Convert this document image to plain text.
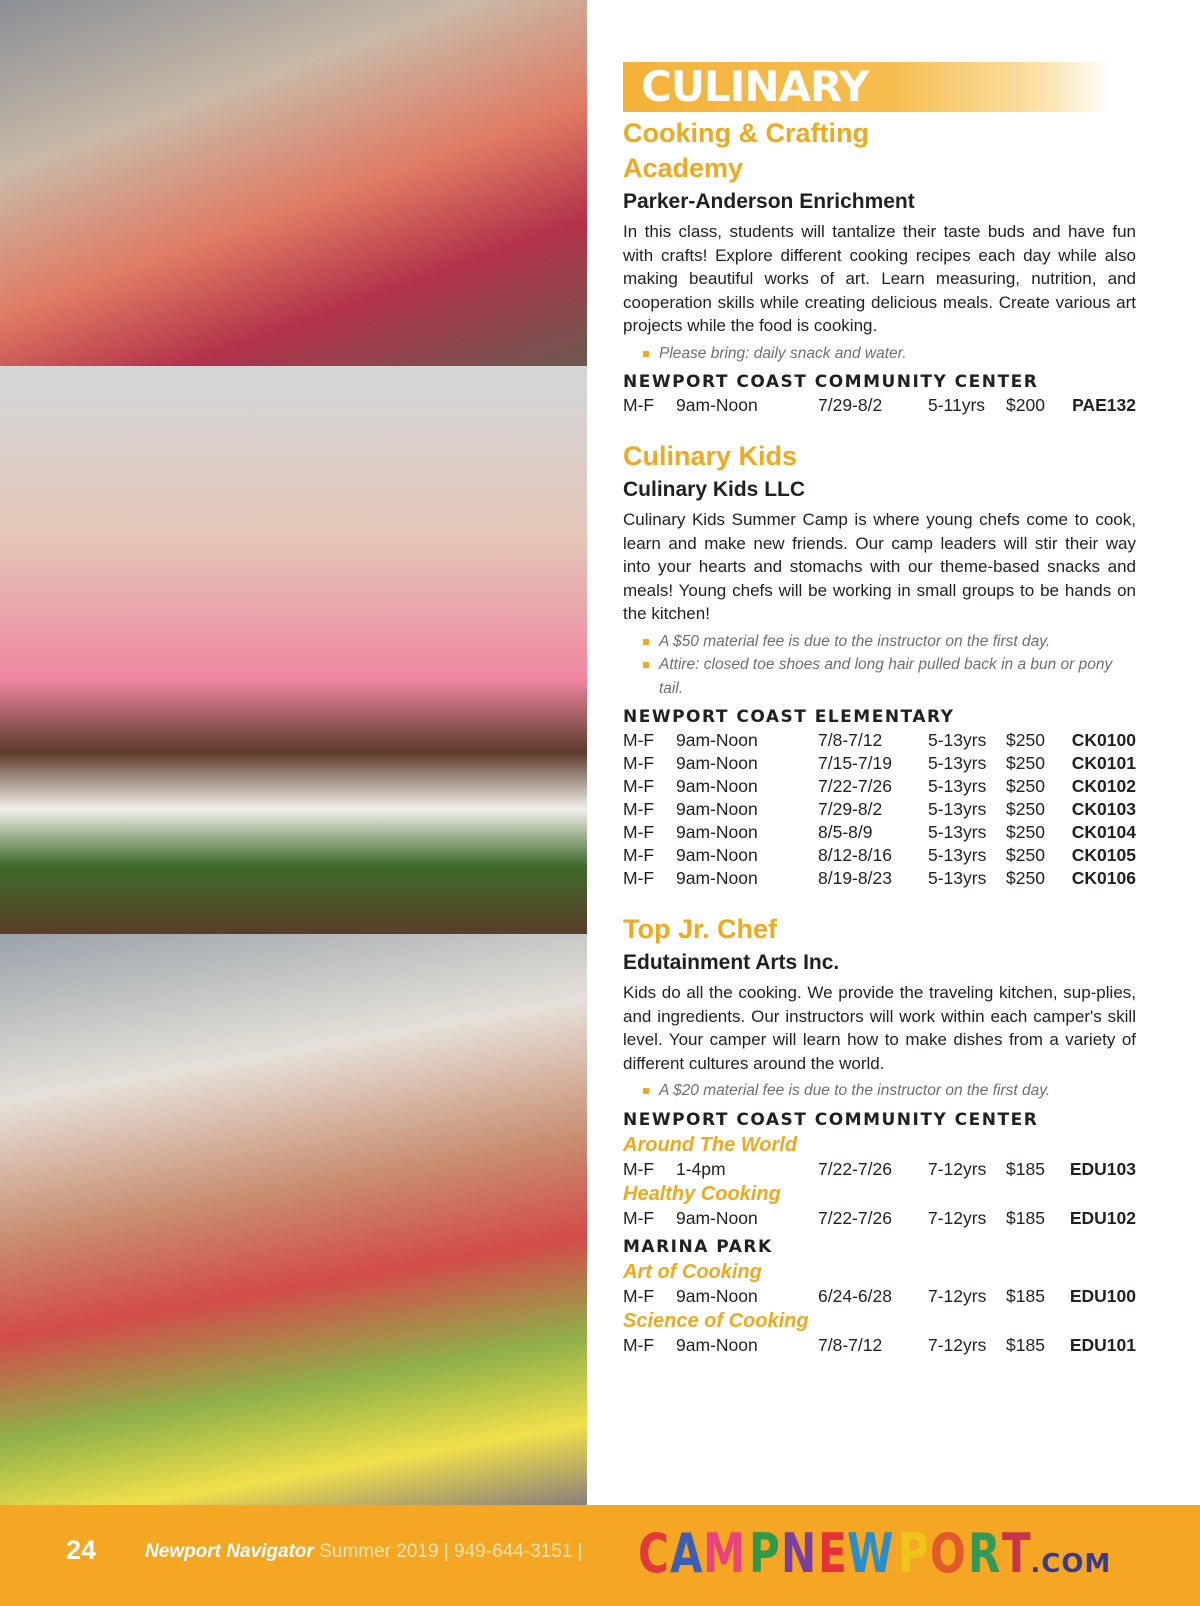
CULINARY
Cooking & Crafting Academy
Parker-Anderson Enrichment

In this class, students will tantalize their taste buds and have fun with crafts! Explore different cooking recipes each day while also making beautiful works of art. Learn measuring, nutrition, and cooperation skills while creating delicious meals. Create various art projects while the food is cooking.

Please bring: daily snack and water.
NEWPORT COAST COMMUNITY CENTER
M-F 9am-Noon	7/29-8/2	5-11yrs $200 PAE132
Culinary Kids
Culinary Kids LLC

Culinary Kids Summer Camp is where young chefs come to cook, learn and make new friends. Our camp leaders will stir their way into your hearts and stomachs with our theme-based snacks and meals! Young chefs will be working in small groups to be hands on the kitchen!

A $50 material fee is due to the instructor on the first day.
Attire: closed toe shoes and long hair pulled back in a bun or pony tail.
NEWPORT COAST ELEMENTARY
M-F 9am-Noon	7/8-7/12	5-13yrs $250 CK0100
M-F 9am-Noon	7/15-7/19 5-13yrs $250 CK0101
M-F 9am-Noon	7/22-7/26 5-13yrs $250 CK0102
M-F 9am-Noon	7/29-8/2	5-13yrs $250 CK0103
M-F 9am-Noon	8/5-8/9	5-13yrs $250 CK0104
M-F 9am-Noon	8/12-8/16 5-13yrs $250 CK0105
M-F 9am-Noon	8/19-8/23 5-13yrs $250 CK0106
Top Jr. Chef
Edutainment Arts Inc.

Kids do all the cooking. We provide the traveling kitchen, sup-plies, and ingredients. Our instructors will work within each camper's skill level. Your camper will learn how to make dishes from a variety of different cultures around the world.

A $20 material fee is due to the instructor on the first day.
NEWPORT COAST COMMUNITY CENTER
Around The World
M-F 1-4pm	7/22-7/26 7-12yrs $185 EDU103
Healthy Cooking
M-F 9am-Noon	7/22-7/26 7-12yrs $185 EDU102
MARINA PARK
Art of Cooking
M-F 9am-Noon	6/24-6/28 7-12yrs $185 EDU100
Science of Cooking
M-F 9am-Noon	7/8-7/12	7-12yrs $185 EDU101
24	Newport Navigator Summer 2019 | 949-644-3151 | CAMPNEWPORT.COM
